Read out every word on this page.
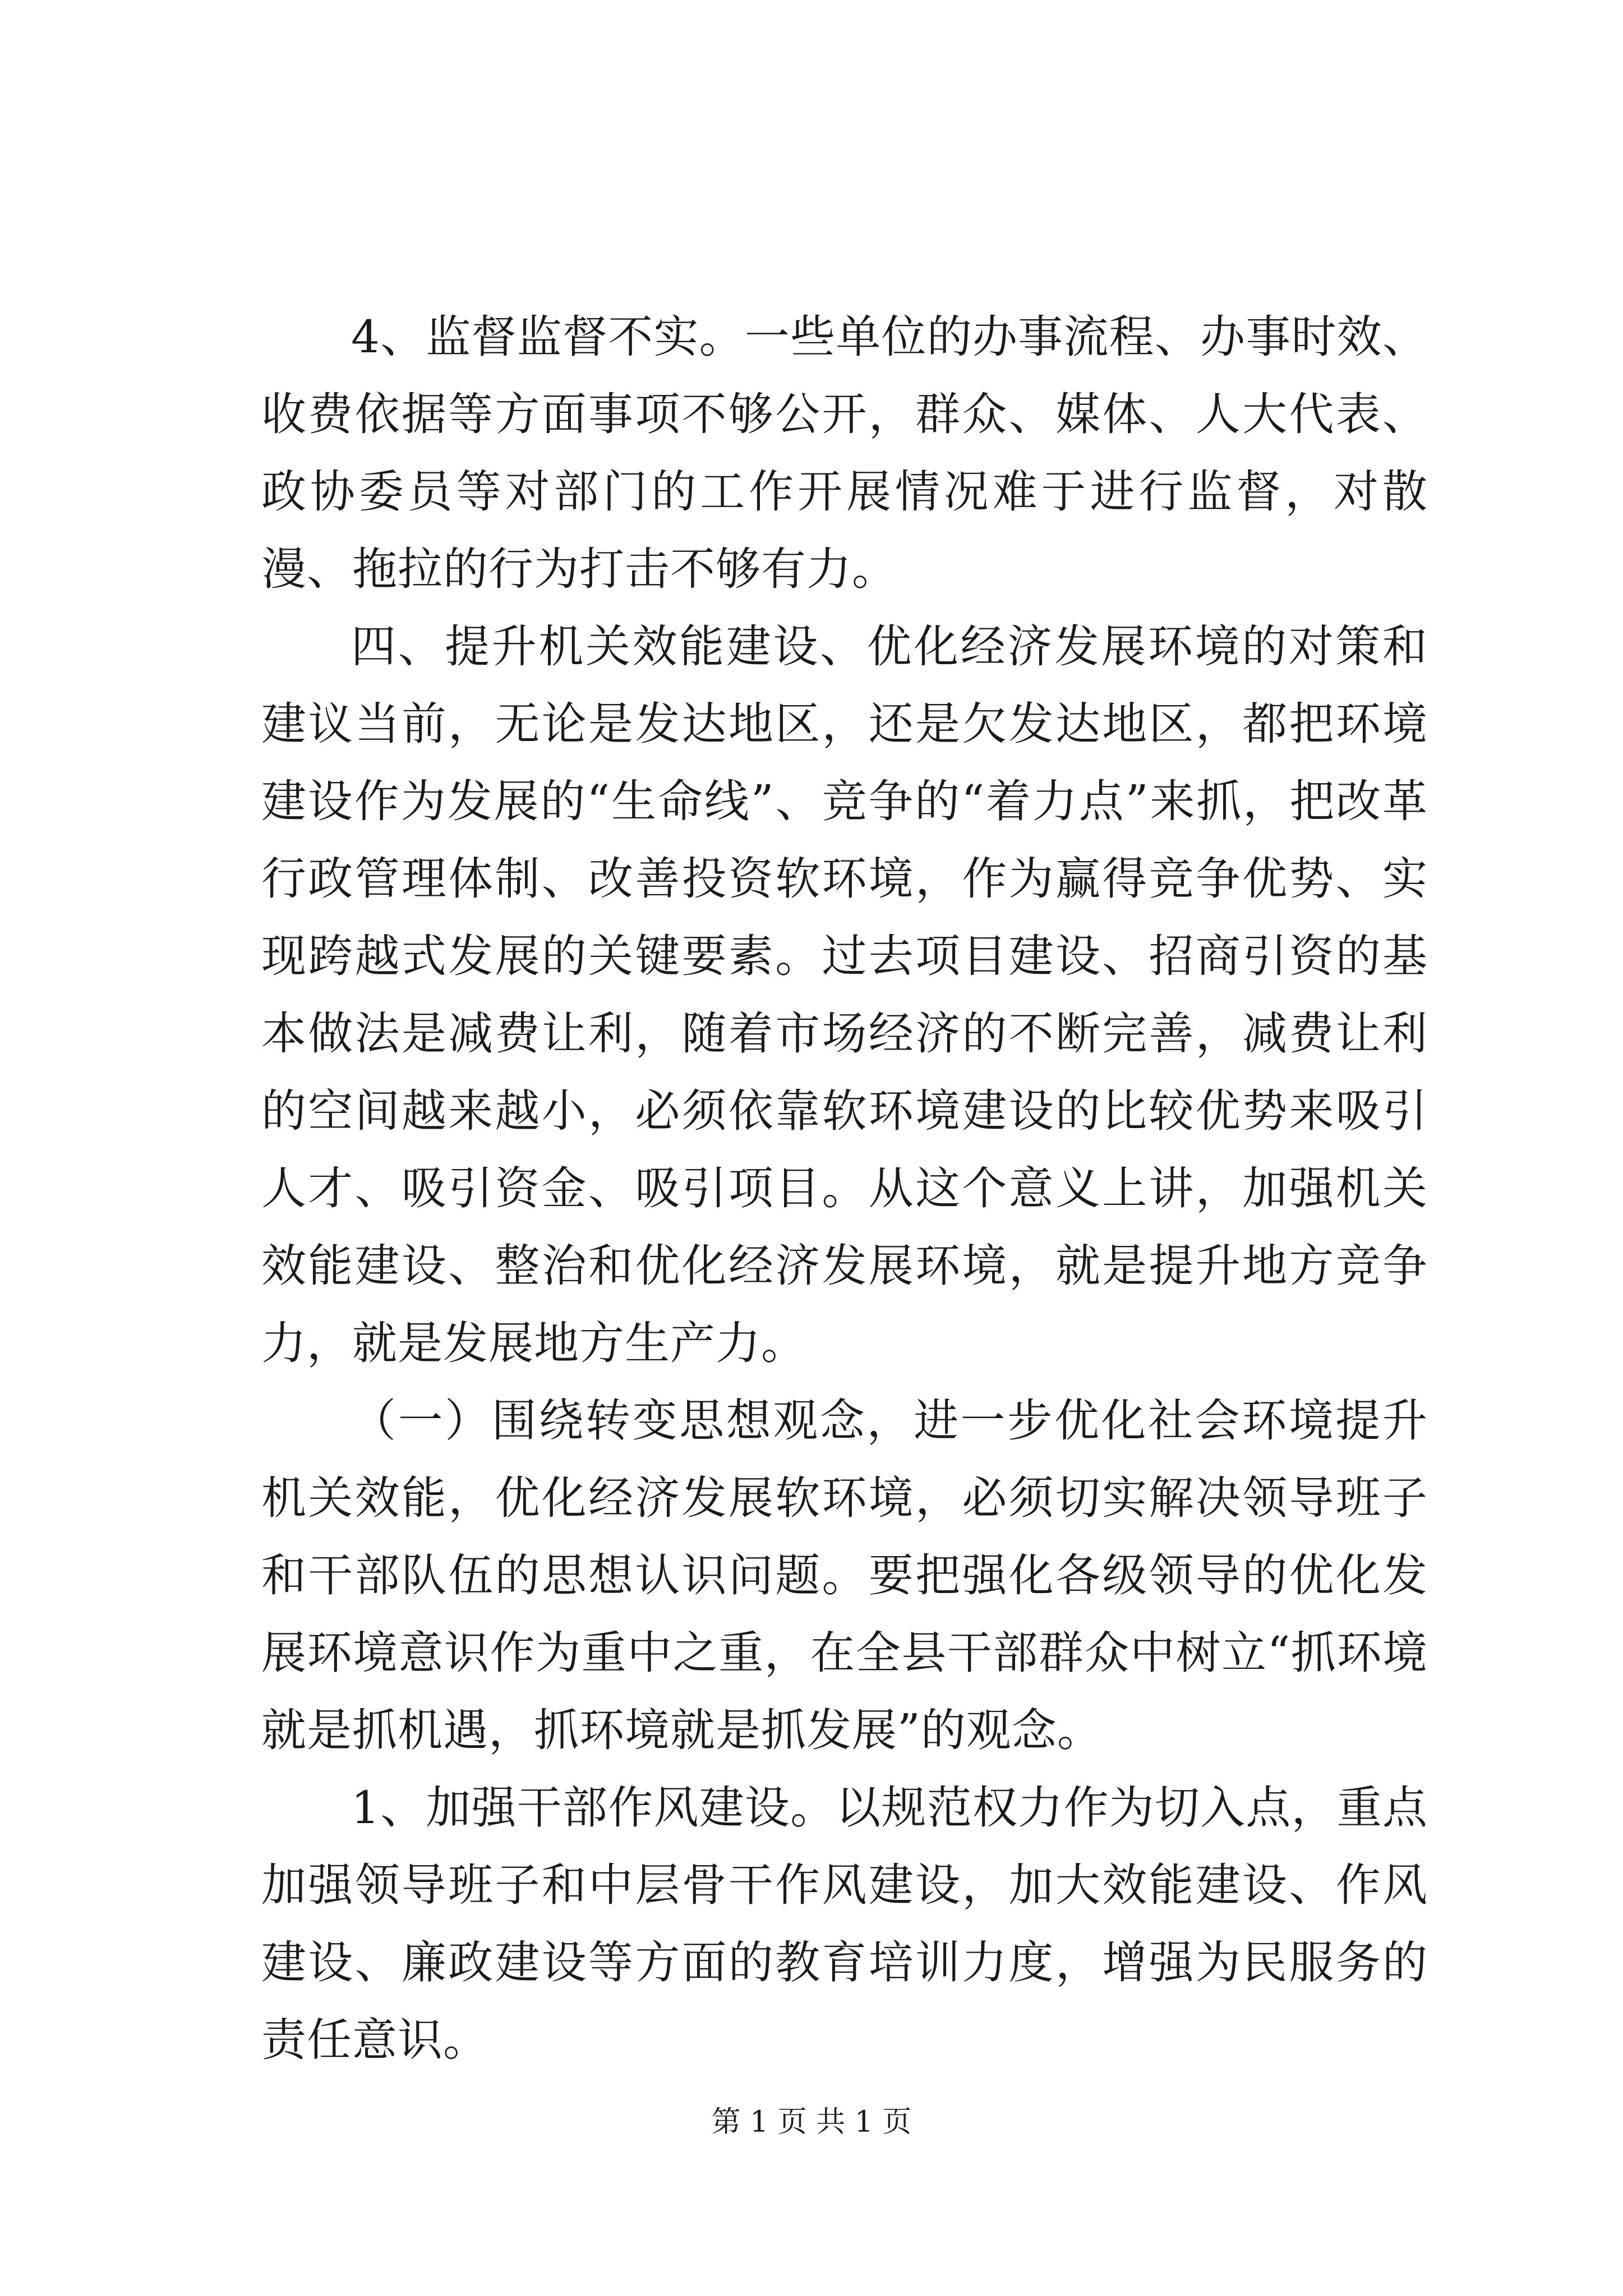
4、监督监督不实。一些单位的办事流程、办事时效、收费依据等方面事项不够公开，群众、媒体、人大代表、政协委员等对部门的工作开展情况难于进行监督，对散漫、拖拉的行为打击不够有力。

四、提升机关效能建设、优化经济发展环境的对策和建议当前，无论是发达地区，还是欠发达地区，都把环境建设作为发展的“生命线”、竞争的“着力点”来抓，把改革行政管理体制、改善投资软环境，作为赢得竞争优势、实现跨越式发展的关键要素。过去项目建设、招商引资的基本做法是减费让利，随着市场经济的不断完善，减费让利的空间越来越小，必须依靠软环境建设的比较优势来吸引人才、吸引资金、吸引项目。从这个意义上讲，加强机关效能建设、整治和优化经济发展环境，就是提升地方竞争力，就是发展地方生产力。

（一）围绕转变思想观念，进一步优化社会环境提升机关效能，优化经济发展软环境，必须切实解决领导班子和干部队伍的思想认识问题。要把强化各级领导的优化发展环境意识作为重中之重，在全县干部群众中树立“抓环境就是抓机遇，抓环境就是抓发展”的观念。

1、加强干部作风建设。以规范权力作为切入点，重点加强领导班子和中层骨干作风建设，加大效能建设、作风建设、廉政建设等方面的教育培训力度，增强为民服务的责任意识。

第 1 页 共 1 页
